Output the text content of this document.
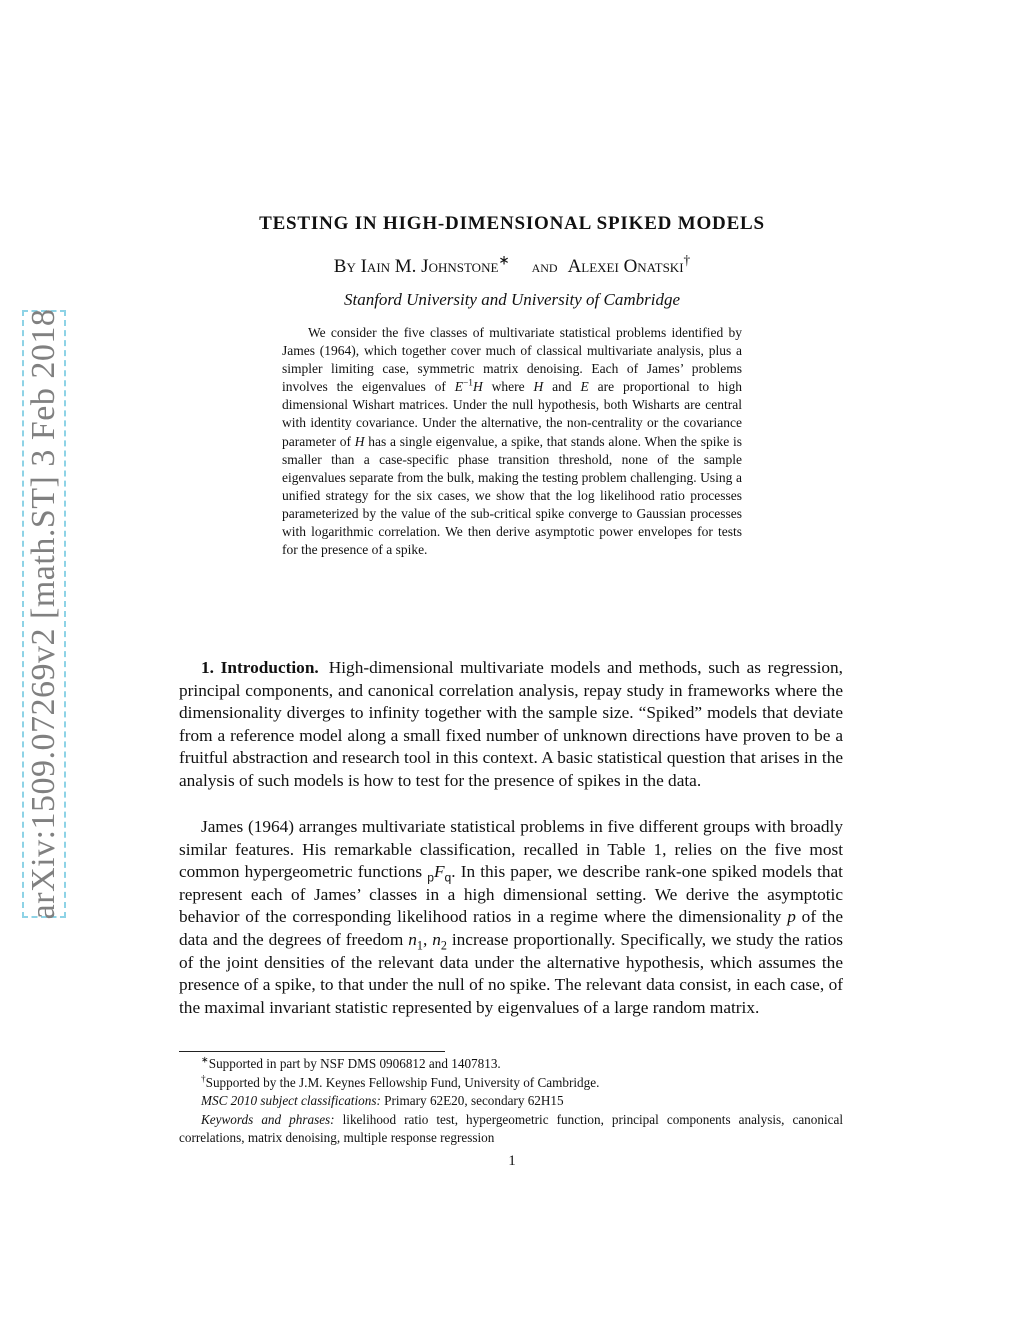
arXiv:1509.07269v2 [math.ST] 3 Feb 2018
TESTING IN HIGH-DIMENSIONAL SPIKED MODELS
By Iain M. Johnstone∗ and Alexei Onatski†
Stanford University and University of Cambridge

We consider the five classes of multivariate statistical problems identified by James (1964), which together cover much of classical multivariate analysis, plus a simpler limiting case, symmetric matrix denoising. Each of James’ problems involves the eigenvalues of $E^{-1}H$ where H and E are proportional to high dimensional Wishart matrices. Under the null hypothesis, both Wisharts are central with identity covariance. Under the alternative, the non-centrality or the covariance parameter of H has a single eigenvalue, a spike, that stands alone. When the spike is smaller than a case-specific phase transition threshold, none of the sample eigenvalues separate from the bulk, making the testing problem challenging. Using a unified strategy for the six cases, we show that the log likelihood ratio processes parameterized by the value of the sub-critical spike converge to Gaussian processes with logarithmic correlation. We then derive asymptotic power envelopes for tests for the presence of a spike.

1. Introduction. High-dimensional multivariate models and methods, such as regression, principal components, and canonical correlation analysis, repay study in frameworks where the dimensionality diverges to infinity together with the sample size. “Spiked” models that deviate from a reference model along a small fixed number of unknown directions have proven to be a fruitful abstraction and research tool in this context. A basic statistical question that arises in the analysis of such models is how to test for the presence of spikes in the data.

James (1964) arranges multivariate statistical problems in five different groups with broadly similar features. His remarkable classification, recalled in Table 1, relies on the five most common hypergeometric functions $_pF_q$. In this paper, we describe rank-one spiked models that represent each of James’ classes in a high dimensional setting. We derive the asymptotic behavior of the corresponding likelihood ratios in a regime where the dimensionality p of the data and the degrees of freedom $n_1$, $n_2$ increase proportionally. Specifically, we study the ratios of the joint densities of the relevant data under the alternative hypothesis, which assumes the presence of a spike, to that under the null of no spike. The relevant data consist, in each case, of the maximal invariant statistic represented by eigenvalues of a large random matrix.

∗Supported in part by NSF DMS 0906812 and 1407813.

†Supported by the J.M. Keynes Fellowship Fund, University of Cambridge.

MSC 2010 subject classifications: Primary 62E20, secondary 62H15

Keywords and phrases: likelihood ratio test, hypergeometric function, principal components analysis, canonical correlations, matrix denoising, multiple response regression

1
